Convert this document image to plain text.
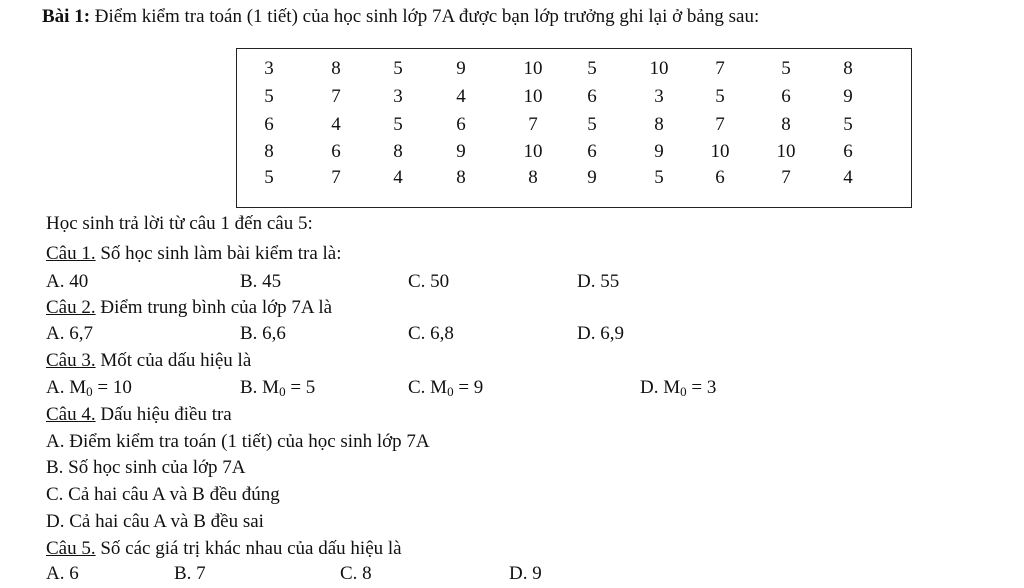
Bài 1: Điểm kiểm tra toán (1 tiết) của học sinh lớp 7A được bạn lớp trưởng ghi lại ở bảng sau:
3	8	5	9	10	5	10	7	5	8
5	7	3	4	10	6	3	5	6	9
6	4	5	6	7	5	8	7	8	5
8	6	8	9	10	6	9	10	10	6
5	7	4	8	8	9	5	6	7	4
Học sinh trả lời từ câu 1 đến câu 5:
Câu 1. Số học sinh làm bài kiểm tra là:
A. 40	B. 45	C. 50	D. 55
Câu 2. Điểm trung bình của lớp 7A là
A. 6,7	B. 6,6	C. 6,8	D. 6,9
Câu 3. Mốt của dấu hiệu là
A. $M_0 = 10$	B. $M_0 = 5$	C. $M_0 = 9$	D. $M_0 = 3$
Câu 4. Dấu hiệu điều tra
A. Điểm kiểm tra toán (1 tiết) của học sinh lớp 7A
B. Số học sinh của lớp 7A
C. Cả hai câu A và B đều đúng
D. Cả hai câu A và B đều sai
Câu 5. Số các giá trị khác nhau của dấu hiệu là
A. 6	B. 7	C. 8	D. 9
